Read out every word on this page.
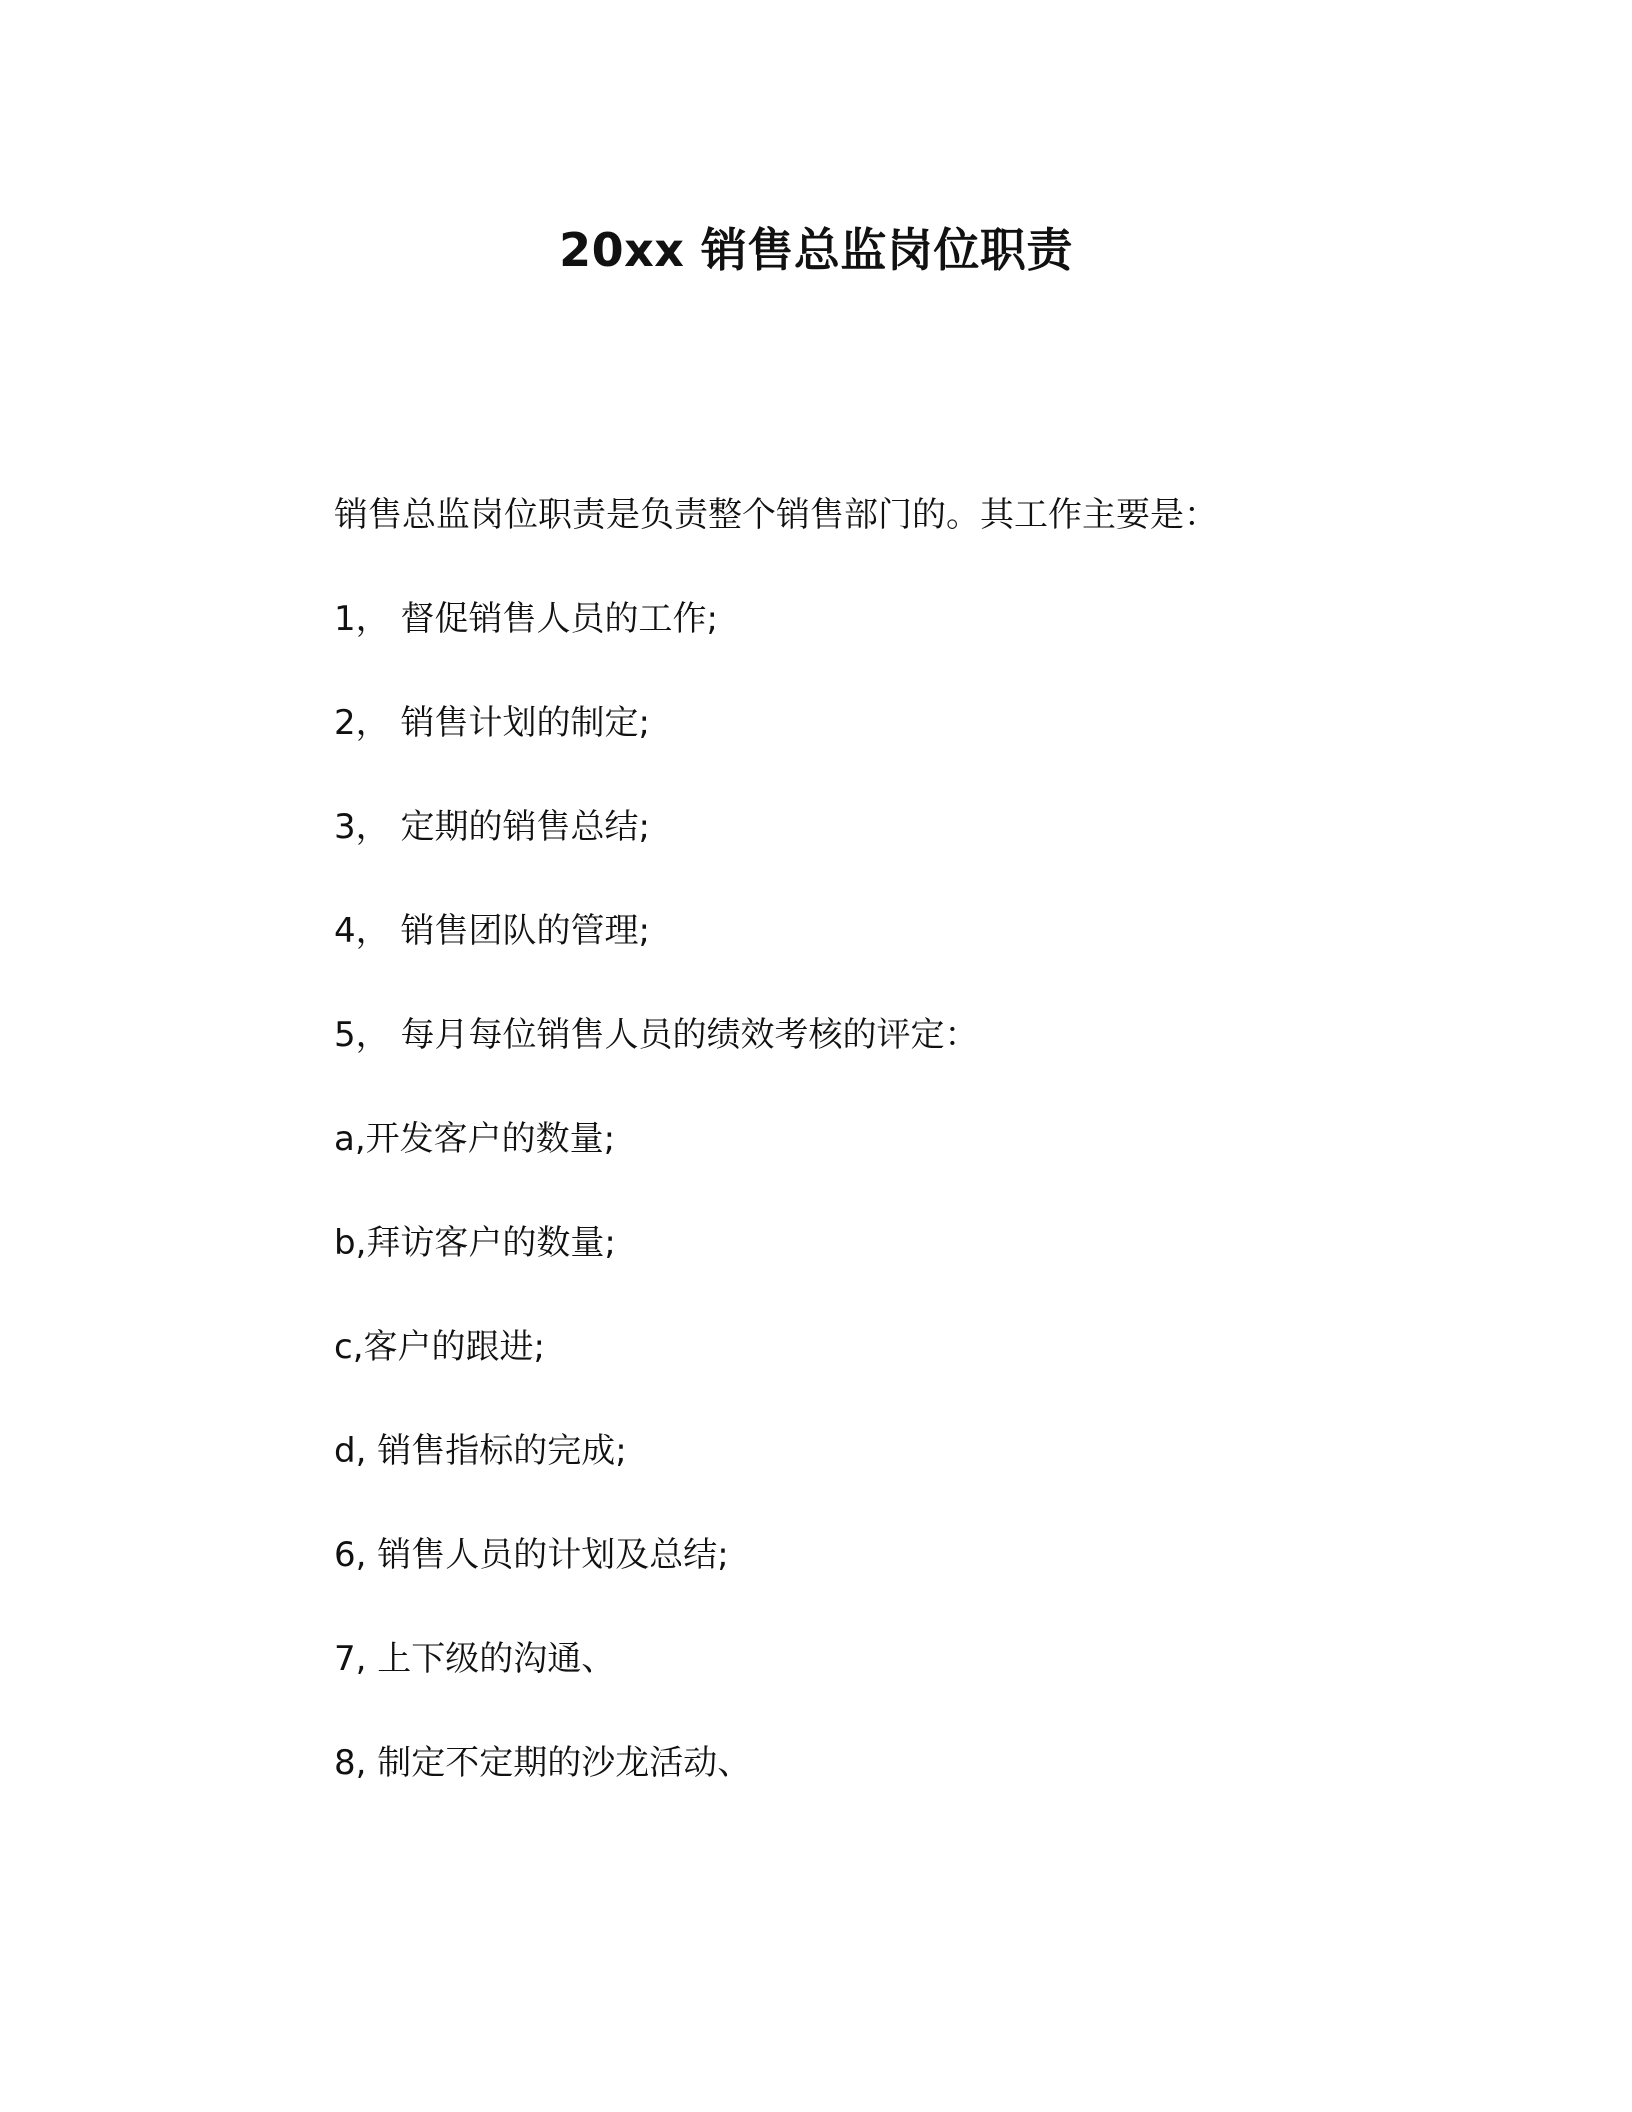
20xx 销售总监岗位职责
销售总监岗位职责是负责整个销售部门的。其工作主要是：
1， 督促销售人员的工作;
2， 销售计划的制定;
3， 定期的销售总结;
4， 销售团队的管理;
5， 每月每位销售人员的绩效考核的评定：
a,开发客户的数量;
b,拜访客户的数量;
c,客户的跟进;
d, 销售指标的完成;
6, 销售人员的计划及总结;
7, 上下级的沟通、
8, 制定不定期的沙龙活动、
